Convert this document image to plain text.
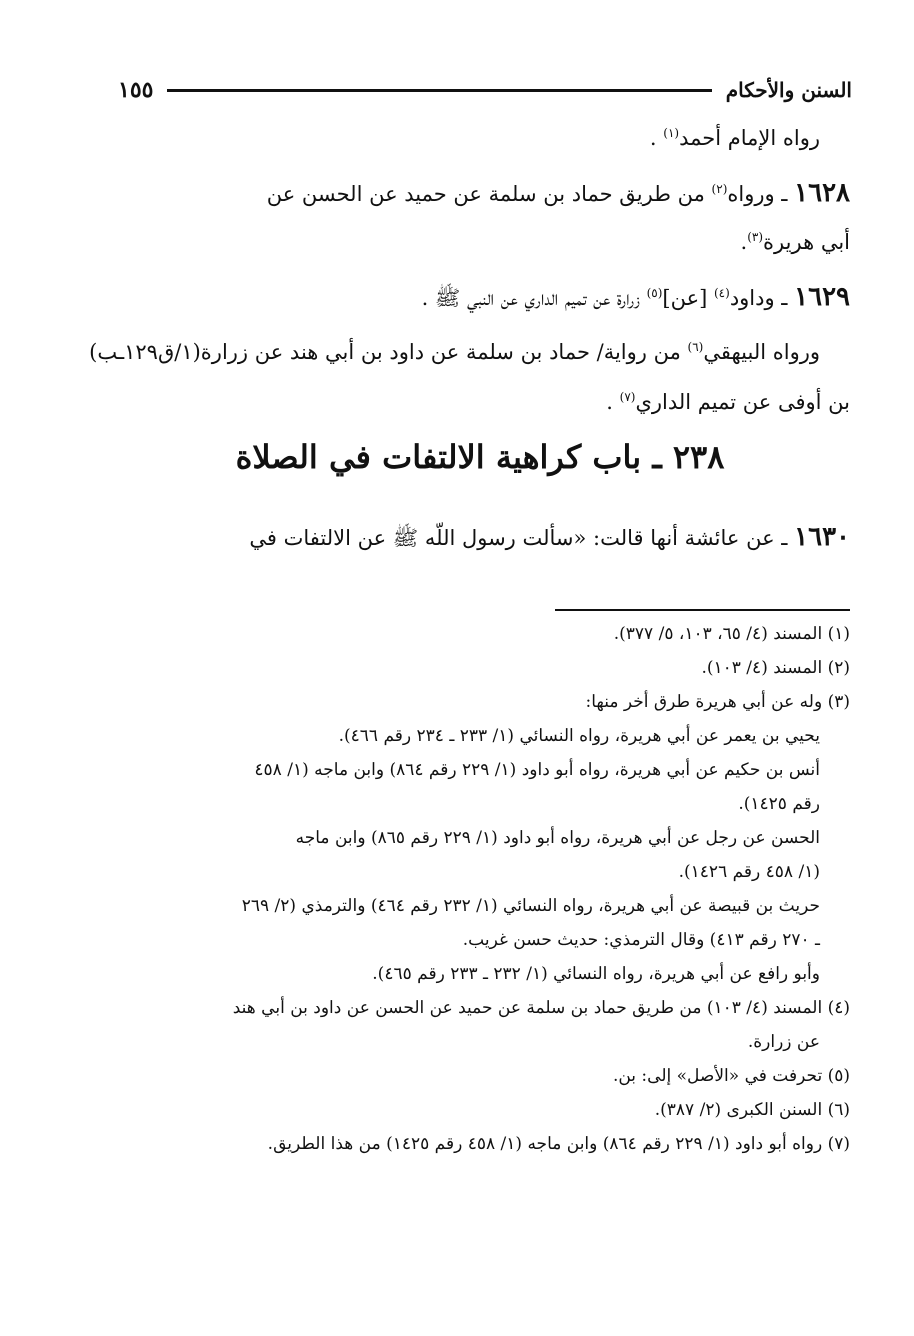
السنن والأحكام
١٥٥
رواه الإمام أحمد$^{(١)}$ .
١٦٢٨ ـ ورواه$^{(٢)}$ من طريق حماد بن سلمة عن حميد عن الحسن عن
أبي هريرة$^{(٣)}$.
١٦٢٩ ـ وداود$^{(٤)}$ [عن]$^{(٥)}$ زرارة عن تميم الداري عن النبي ﷺ .
ورواه البيهقي$^{(٦)}$ من رواية/ حماد بن سلمة عن داود بن أبي هند عن زرارة(١/ق١٢٩ـب)
بن أوفى عن تميم الداري$^{(٧)}$ .
٢٣٨ ـ باب كراهية الالتفات في الصلاة
١٦٣٠ ـ عن عائشة أنها قالت: «سألت رسول اللّه ﷺ عن الالتفات في
(١) المسند (٤/ ٦٥، ١٠٣، ٥/ ٣٧٧).
(٢) المسند (٤/ ١٠٣).
(٣) وله عن أبي هريرة طرق أخر منها:
يحيي بن يعمر عن أبي هريرة، رواه النسائي (١/ ٢٣٣ ـ ٢٣٤ رقم ٤٦٦).
أنس بن حكيم عن أبي هريرة، رواه أبو داود (١/ ٢٢٩ رقم ٨٦٤) وابن ماجه (١/ ٤٥٨
رقم ١٤٢٥).
الحسن عن رجل عن أبي هريرة، رواه أبو داود (١/ ٢٢٩ رقم ٨٦٥) وابن ماجه
(١/ ٤٥٨ رقم ١٤٢٦).
حريث بن قبيصة عن أبي هريرة، رواه النسائي (١/ ٢٣٢ رقم ٤٦٤) والترمذي (٢/ ٢٦٩
ـ ٢٧٠ رقم ٤١٣) وقال الترمذي: حديث حسن غريب.
وأبو رافع عن أبي هريرة، رواه النسائي (١/ ٢٣٢ ـ ٢٣٣ رقم ٤٦٥).
(٤) المسند (٤/ ١٠٣) من طريق حماد بن سلمة عن حميد عن الحسن عن داود بن أبي هند
عن زرارة.
(٥) تحرفت في «الأصل» إلى: بن.
(٦) السنن الكبرى (٢/ ٣٨٧).
(٧) رواه أبو داود (١/ ٢٢٩ رقم ٨٦٤) وابن ماجه (١/ ٤٥٨ رقم ١٤٢٥) من هذا الطريق.
